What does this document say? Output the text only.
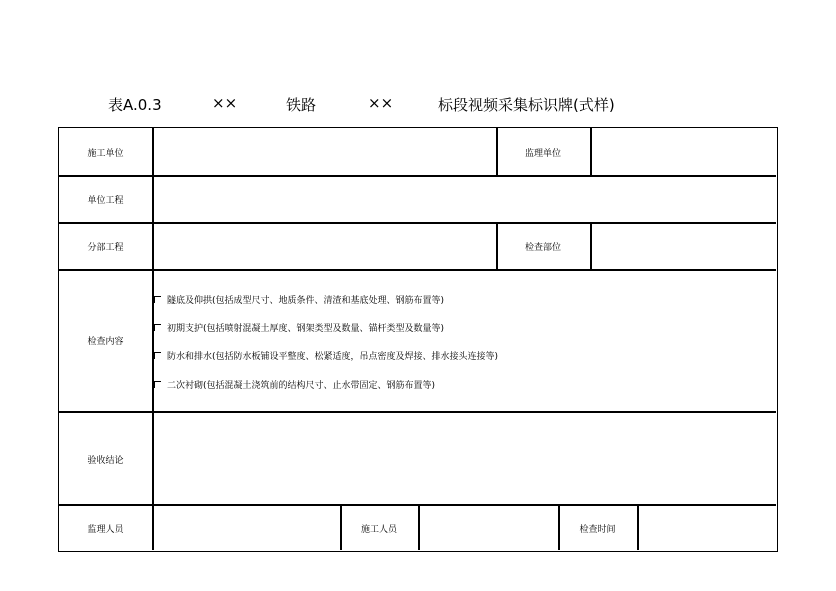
表A.0.3	××	铁路	××	标段视频采集标识牌(式样)
施工单位	监理单位
单位工程
分部工程	检查部位
检查内容
隧底及仰拱(包括成型尺寸、地质条件、清渣和基底处理、钢筋布置等)
初期支护(包括喷射混凝土厚度、钢架类型及数量、锚杆类型及数量等)
防水和排水(包括防水板铺设平整度、松紧适度，吊点密度及焊接、排水接头连接等)
二次衬砌(包括混凝土浇筑前的结构尺寸、止水带固定、钢筋布置等)
验收结论
监理人员	施工人员	检查时间
